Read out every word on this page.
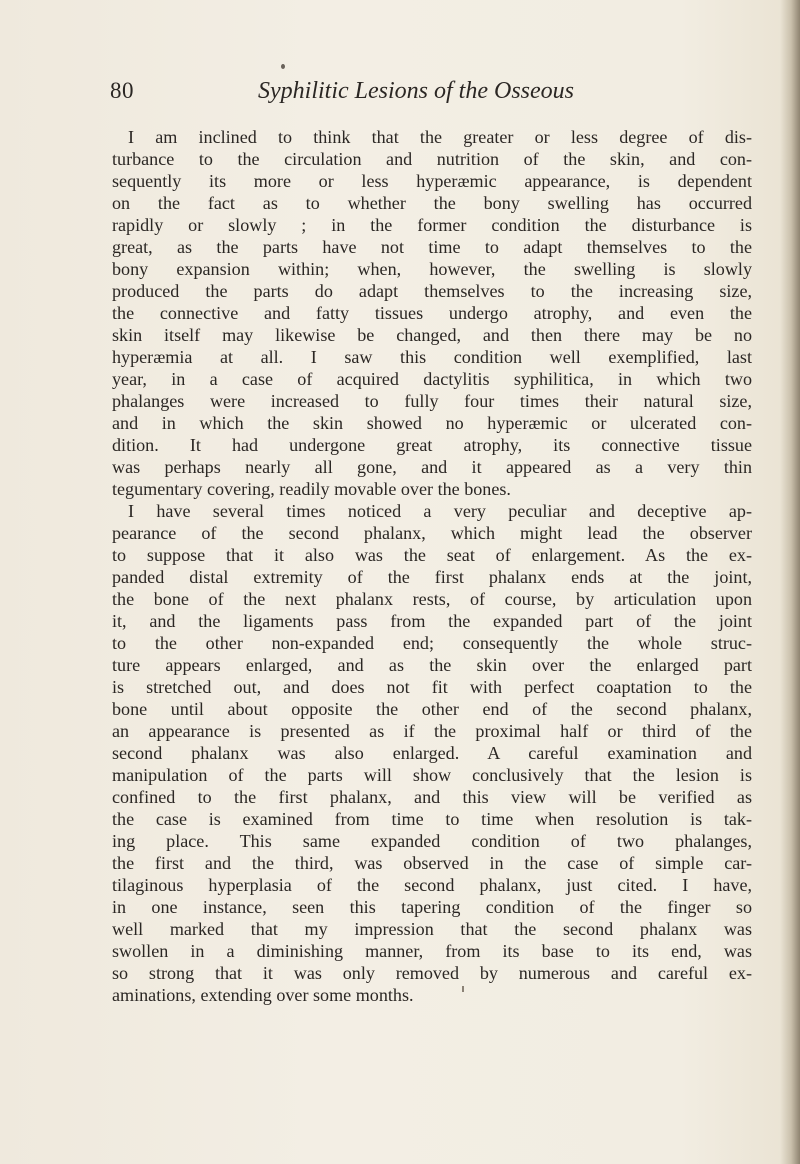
80	Syphilitic Lesions of the Osseous

I am inclined to think that the greater or less degree of dis-
turbance to the circulation and nutrition of the skin, and con-
sequently its more or less hyperæmic appearance, is dependent
on the fact as to whether the bony swelling has occurred
rapidly or slowly ; in the former condition the disturbance is
great, as the parts have not time to adapt themselves to the
bony expansion within; when, however, the swelling is slowly
produced the parts do adapt themselves to the increasing size,
the connective and fatty tissues undergo atrophy, and even the
skin itself may likewise be changed, and then there may be no
hyperæmia at all. I saw this condition well exemplified, last
year, in a case of acquired dactylitis syphilitica, in which two
phalanges were increased to fully four times their natural size,
and in which the skin showed no hyperæmic or ulcerated con-
dition. It had undergone great atrophy, its connective tissue
was perhaps nearly all gone, and it appeared as a very thin
tegumentary covering, readily movable over the bones.

I have several times noticed a very peculiar and deceptive ap-
pearance of the second phalanx, which might lead the observer
to suppose that it also was the seat of enlargement. As the ex-
panded distal extremity of the first phalanx ends at the joint,
the bone of the next phalanx rests, of course, by articulation upon
it, and the ligaments pass from the expanded part of the joint
to the other non-expanded end; consequently the whole struc-
ture appears enlarged, and as the skin over the enlarged part
is stretched out, and does not fit with perfect coaptation to the
bone until about opposite the other end of the second phalanx,
an appearance is presented as if the proximal half or third of the
second phalanx was also enlarged. A careful examination and
manipulation of the parts will show conclusively that the lesion is
confined to the first phalanx, and this view will be verified as
the case is examined from time to time when resolution is tak-
ing place. This same expanded condition of two phalanges,
the first and the third, was observed in the case of simple car-
tilaginous hyperplasia of the second phalanx, just cited. I have,
in one instance, seen this tapering condition of the finger so
well marked that my impression that the second phalanx was
swollen in a diminishing manner, from its base to its end, was
so strong that it was only removed by numerous and careful ex-
aminations, extending over some months.
